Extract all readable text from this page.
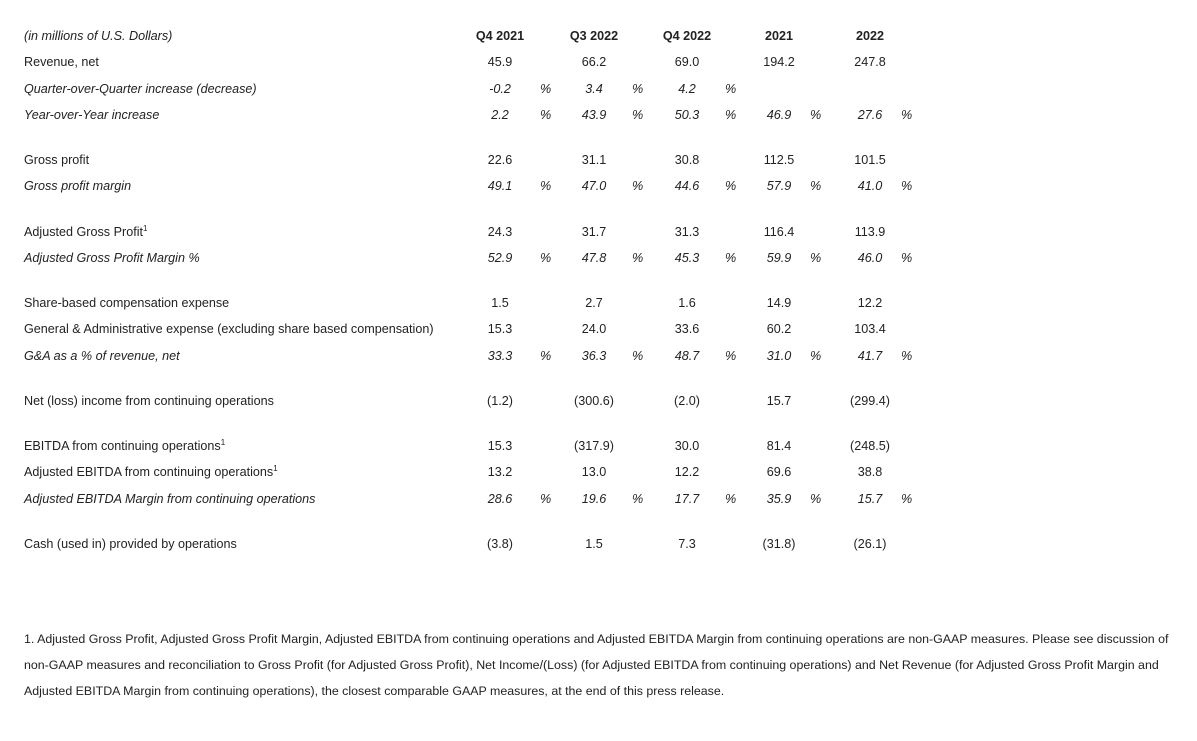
(in millions of U.S. Dollars)	Q4 2021	Q3 2022	Q4 2022	2021	2022
Revenue, net	45.9	66.2	69.0	194.2	247.8
Quarter-over-Quarter increase (decrease)	-0.2	%	3.4	%	4.2	%
Year-over-Year increase	2.2	%	43.9	%	50.3	%	46.9	%	27.6	%
Gross profit	22.6	31.1	30.8	112.5	101.5
Gross profit margin	49.1	%	47.0	%	44.6	%	57.9	%	41.0	%
Adjusted Gross Profit$^1$	24.3	31.7	31.3	116.4	113.9
Adjusted Gross Profit Margin %	52.9	%	47.8	%	45.3	%	59.9	%	46.0	%
Share-based compensation expense	1.5	2.7	1.6	14.9	12.2
General & Administrative expense (excluding share based compensation)	15.3	24.0	33.6	60.2	103.4
G&A as a % of revenue, net	33.3	%	36.3	%	48.7	%	31.0	%	41.7	%
Net (loss) income from continuing operations	(1.2)	(300.6)	(2.0)	15.7	(299.4)
EBITDA from continuing operations$^1$	15.3	(317.9)	30.0	81.4	(248.5)
Adjusted EBITDA from continuing operations$^1$	13.2	13.0	12.2	69.6	38.8
Adjusted EBITDA Margin from continuing operations	28.6	%	19.6	%	17.7	%	35.9	%	15.7	%
Cash (used in) provided by operations	(3.8)	1.5	7.3	(31.8)	(26.1)
1. Adjusted Gross Profit, Adjusted Gross Profit Margin, Adjusted EBITDA from continuing operations and Adjusted EBITDA Margin from continuing operations are non-GAAP measures. Please see discussion of non-GAAP measures and reconciliation to Gross Profit (for Adjusted Gross Profit), Net Income/(Loss) (for Adjusted EBITDA from continuing operations) and Net Revenue (for Adjusted Gross Profit Margin and Adjusted EBITDA Margin from continuing operations), the closest comparable GAAP measures, at the end of this press release.
